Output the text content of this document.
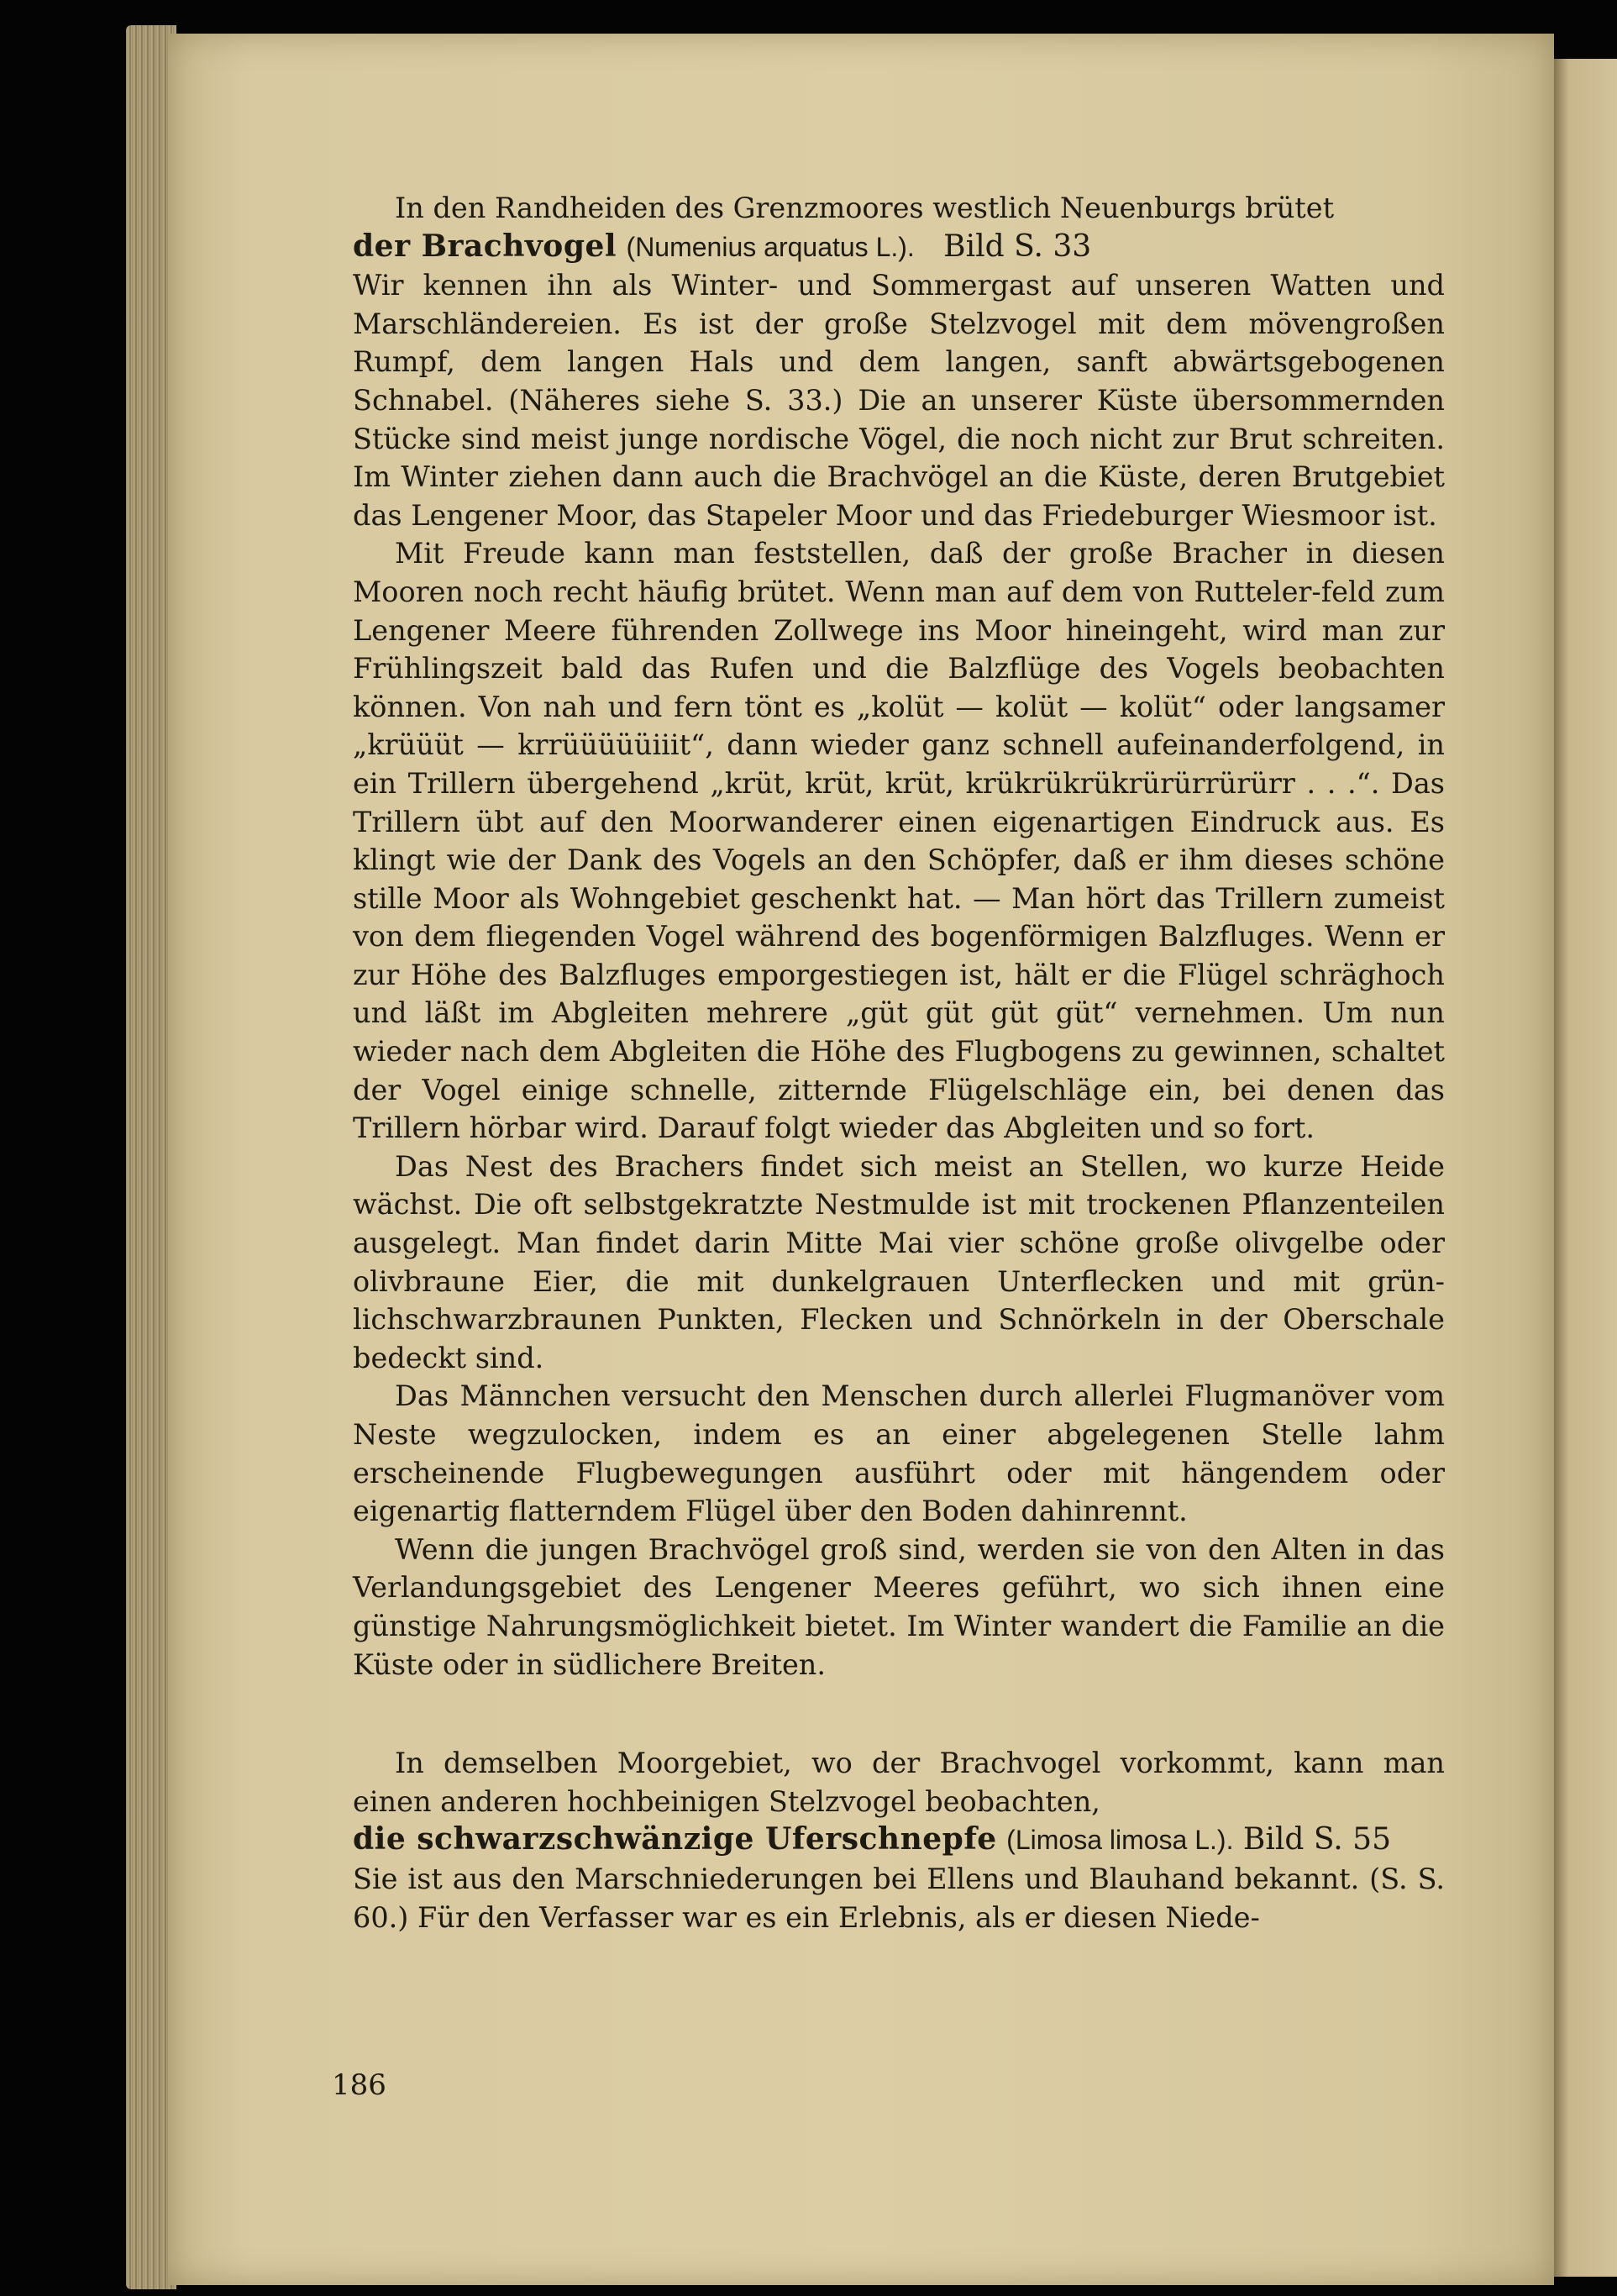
In den Randheiden des Grenzmoores westlich Neuenburgs brütet

der Brachvogel (Numenius arquatus L.). Bild S. 33

Wir kennen ihn als Winter- und Sommergast auf unseren Watten und Marschländereien. Es ist der große Stelzvogel mit dem mövengroßen Rumpf, dem langen Hals und dem langen, sanft abwärtsgebogenen Schnabel. (Näheres siehe S. 33.) Die an unserer Küste übersommernden Stücke sind meist junge nordische Vögel, die noch nicht zur Brut schreiten. Im Winter ziehen dann auch die Brachvögel an die Küste, deren Brutgebiet das Lengener Moor, das Stapeler Moor und das Friedeburger Wiesmoor ist.

Mit Freude kann man feststellen, daß der große Bracher in diesen Mooren noch recht häufig brütet. Wenn man auf dem von Rutteler-feld zum Lengener Meere führenden Zollwege ins Moor hineingeht, wird man zur Frühlingszeit bald das Rufen und die Balzflüge des Vogels beobachten können. Von nah und fern tönt es „kolüt — kolüt — kolüt“ oder langsamer „krüüüt — krrüüüüüiiit“, dann wieder ganz schnell aufeinanderfolgend, in ein Trillern übergehend „krüt, krüt, krüt, krükrükrükrürürrürürr . . .“. Das Trillern übt auf den Moorwanderer einen eigenartigen Eindruck aus. Es klingt wie der Dank des Vogels an den Schöpfer, daß er ihm dieses schöne stille Moor als Wohngebiet geschenkt hat. — Man hört das Trillern zumeist von dem fliegenden Vogel während des bogenförmigen Balzfluges. Wenn er zur Höhe des Balzfluges emporgestiegen ist, hält er die Flügel schräghoch und läßt im Abgleiten mehrere „güt güt güt güt“ vernehmen. Um nun wieder nach dem Abgleiten die Höhe des Flugbogens zu gewinnen, schaltet der Vogel einige schnelle, zitternde Flügelschläge ein, bei denen das Trillern hörbar wird. Darauf folgt wieder das Abgleiten und so fort.

Das Nest des Brachers findet sich meist an Stellen, wo kurze Heide wächst. Die oft selbstgekratzte Nestmulde ist mit trockenen Pflanzenteilen ausgelegt. Man findet darin Mitte Mai vier schöne große olivgelbe oder olivbraune Eier, die mit dunkelgrauen Unterflecken und mit grün-lichschwarzbraunen Punkten, Flecken und Schnörkeln in der Oberschale bedeckt sind.

Das Männchen versucht den Menschen durch allerlei Flugmanöver vom Neste wegzulocken, indem es an einer abgelegenen Stelle lahm erscheinende Flugbewegungen ausführt oder mit hängendem oder eigenartig flatterndem Flügel über den Boden dahinrennt.

Wenn die jungen Brachvögel groß sind, werden sie von den Alten in das Verlandungsgebiet des Lengener Meeres geführt, wo sich ihnen eine günstige Nahrungsmöglichkeit bietet. Im Winter wandert die Familie an die Küste oder in südlichere Breiten.

In demselben Moorgebiet, wo der Brachvogel vorkommt, kann man einen anderen hochbeinigen Stelzvogel beobachten,

die schwarzschwänzige Uferschnepfe (Limosa limosa L.). Bild S. 55

Sie ist aus den Marschniederungen bei Ellens und Blauhand bekannt. (S. S. 60.) Für den Verfasser war es ein Erlebnis, als er diesen Niede-

186
